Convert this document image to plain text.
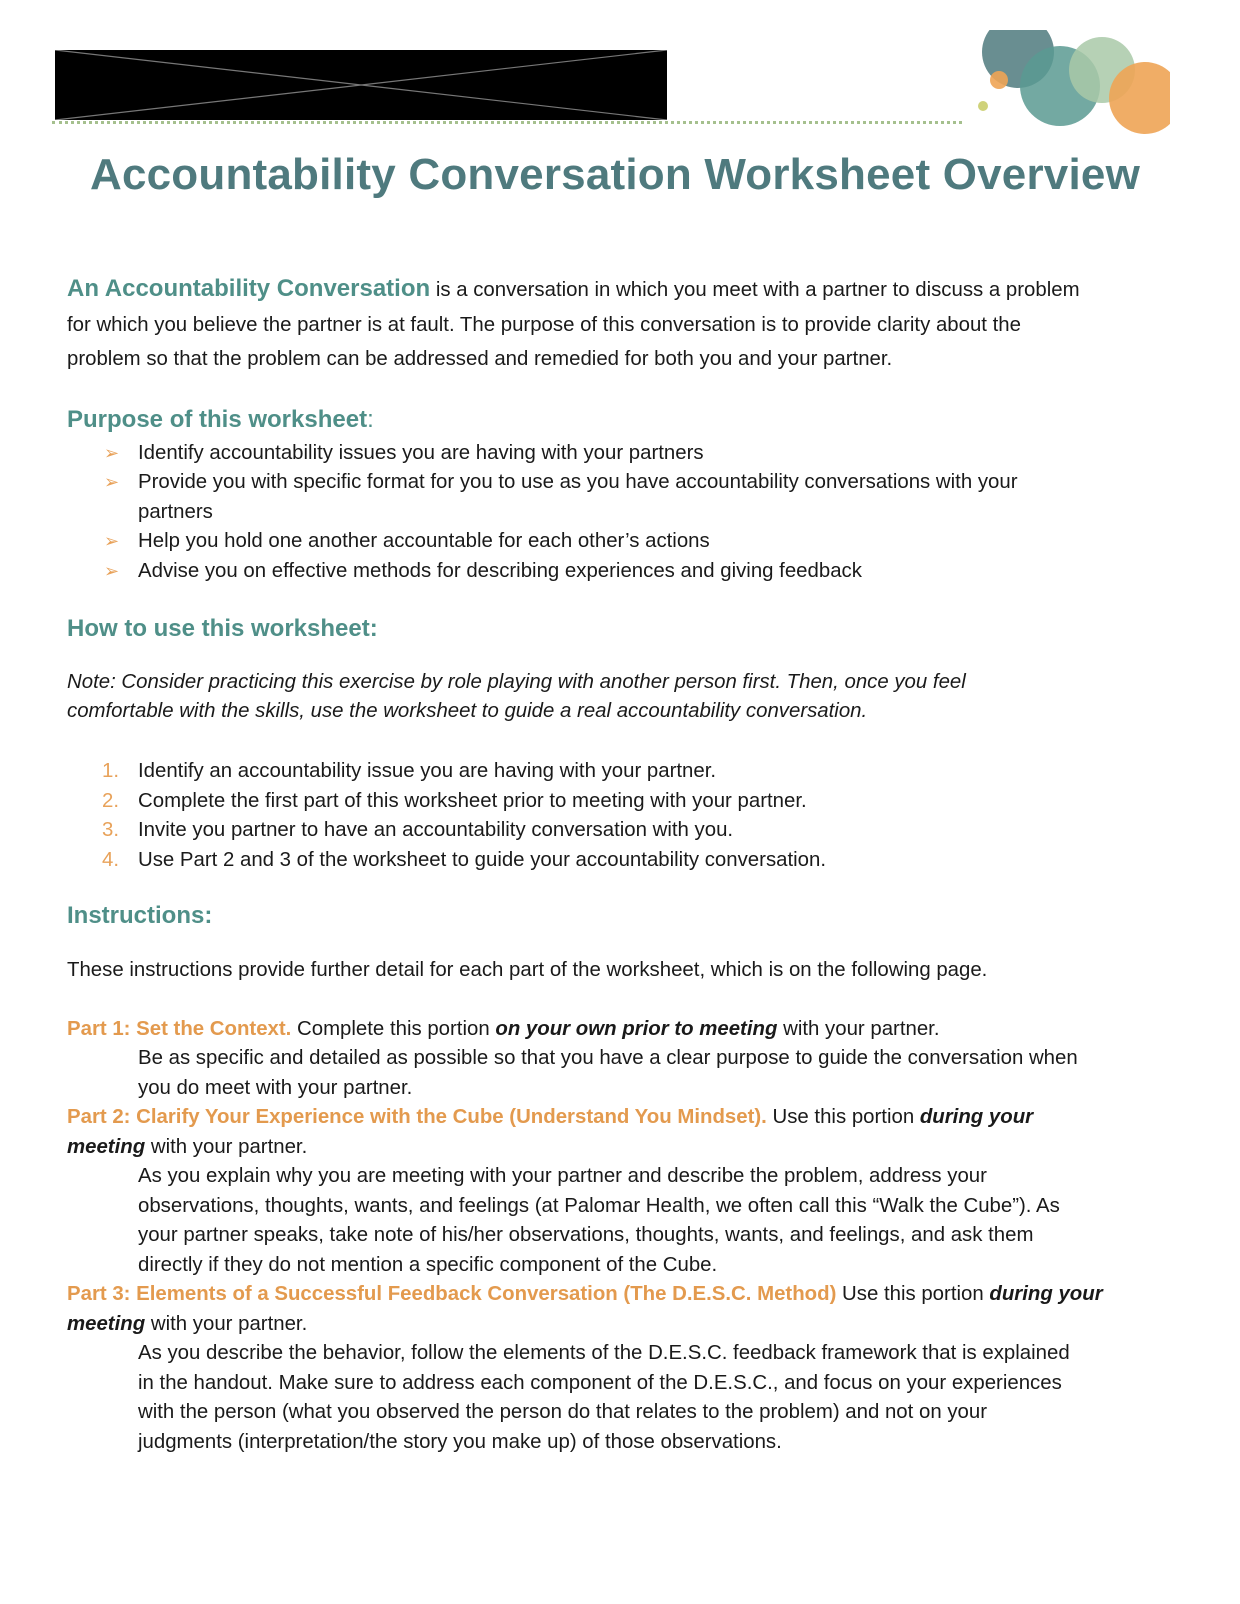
Accountability Conversation Worksheet Overview

An Accountability Conversation is a conversation in which you meet with a partner to discuss a problem
for which you believe the partner is at fault. The purpose of this conversation is to provide clarity about the
problem so that the problem can be addressed and remedied for both you and your partner.

Purpose of this worksheet:
➢ Identify accountability issues you are having with your partners
➢ Provide you with specific format for you to use as you have accountability conversations with your
partners
➢ Help you hold one another accountable for each other’s actions
➢ Advise you on effective methods for describing experiences and giving feedback
How to use this worksheet:

Note: Consider practicing this exercise by role playing with another person first. Then, once you feel
comfortable with the skills, use the worksheet to guide a real accountability conversation.

1. Identify an accountability issue you are having with your partner.
2. Complete the first part of this worksheet prior to meeting with your partner.
3. Invite you partner to have an accountability conversation with you.
4. Use Part 2 and 3 of the worksheet to guide your accountability conversation.
Instructions:

These instructions provide further detail for each part of the worksheet, which is on the following page.

Part 1: Set the Context. Complete this portion on your own prior to meeting with your partner.

Be as specific and detailed as possible so that you have a clear purpose to guide the conversation when
you do meet with your partner.

Part 2: Clarify Your Experience with the Cube (Understand You Mindset). Use this portion during your
meeting with your partner.

As you explain why you are meeting with your partner and describe the problem, address your
observations, thoughts, wants, and feelings (at Palomar Health, we often call this “Walk the Cube”). As
your partner speaks, take note of his/her observations, thoughts, wants, and feelings, and ask them
directly if they do not mention a specific component of the Cube.

Part 3: Elements of a Successful Feedback Conversation (The D.E.S.C. Method) Use this portion during your
meeting with your partner.

As you describe the behavior, follow the elements of the D.E.S.C. feedback framework that is explained
in the handout. Make sure to address each component of the D.E.S.C., and focus on your experiences
with the person (what you observed the person do that relates to the problem) and not on your
judgments (interpretation/the story you make up) of those observations.
